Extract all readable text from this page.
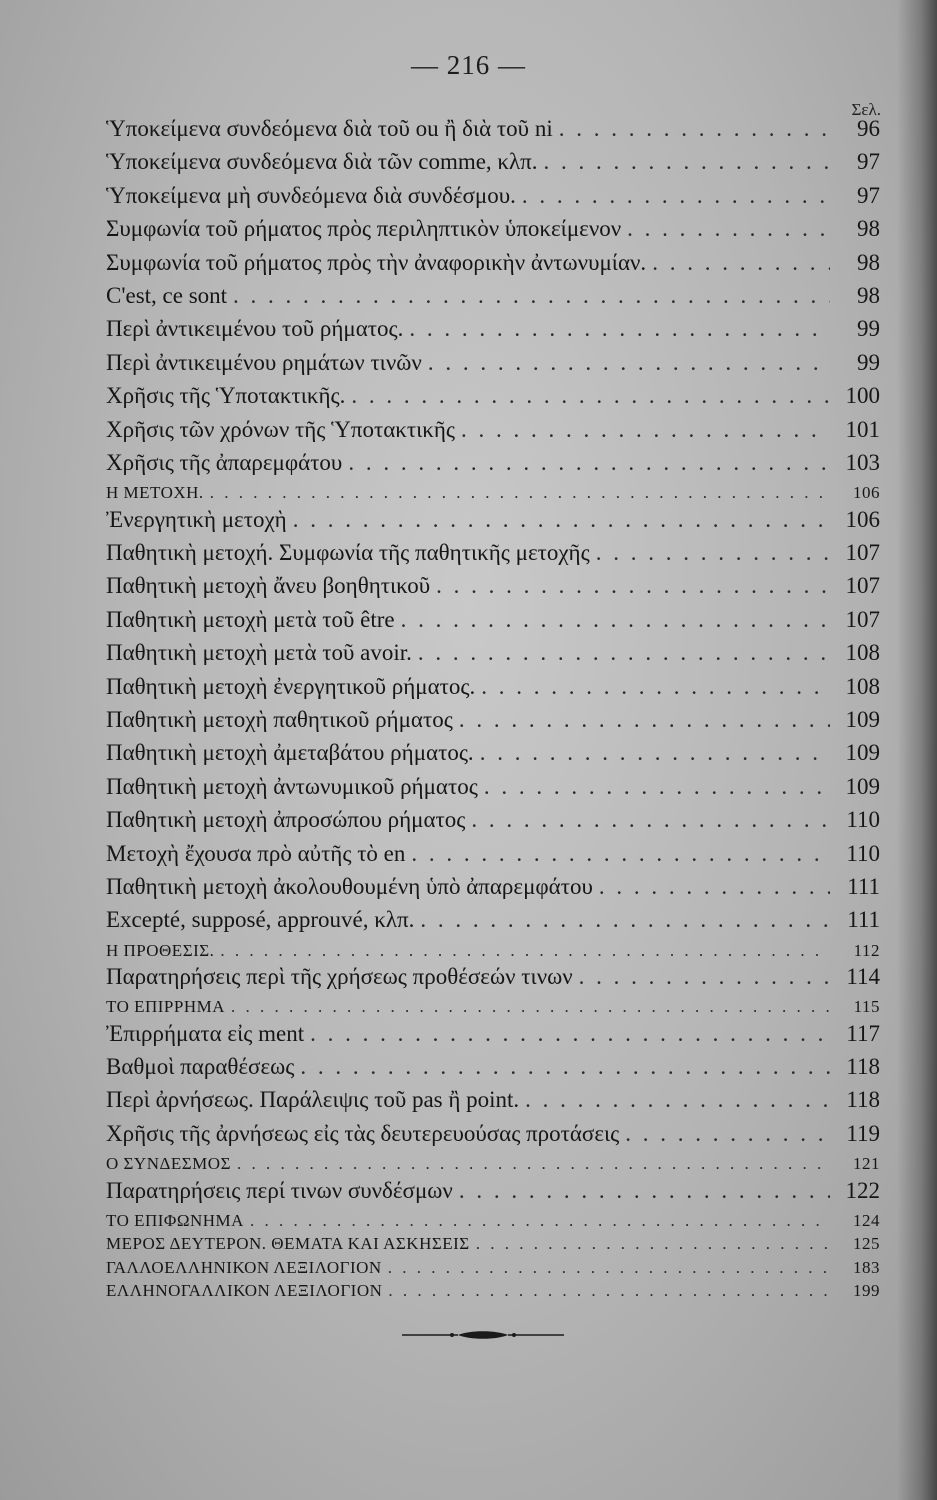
— 216 —
Σελ.
Ὑποκείμενα συνδεόμενα διὰ τοῦ ou ἢ διὰ τοῦ ni . . .	96
Ὑποκείμενα συνδεόμενα διὰ τῶν comme, κλπ. . . .	97
Ὑποκείμενα μὴ συνδεόμενα διὰ συνδέσμου. . . .	97
Συμφωνία τοῦ ρήματος πρὸς περιληπτικὸν ὑποκείμενον . . .	98
Συμφωνία τοῦ ρήματος πρὸς τὴν ἀναφορικὴν ἀντωνυμίαν. . . .	98
C'est, ce sont . . .	98
Περὶ ἀντικειμένου τοῦ ρήματος. . . .	99
Περὶ ἀντικειμένου ρημάτων τινῶν . . .	99
Χρῆσις τῆς Ὑποτακτικῆς. . . .	100
Χρῆσις τῶν χρόνων τῆς Ὑποτακτικῆς . . .	101
Χρῆσις τῆς ἀπαρεμφάτου . . .	103
Η ΜΕΤΟΧΗ. . . .	106
Ἐνεργητικὴ μετοχὴ . . .	106
Παθητικὴ μετοχή. Συμφωνία τῆς παθητικῆς μετοχῆς . . .	107
Παθητικὴ μετοχὴ ἄνευ βοηθητικοῦ . . .	107
Παθητικὴ μετοχὴ μετὰ τοῦ être . . .	107
Παθητικὴ μετοχὴ μετὰ τοῦ avoir. . . .	108
Παθητικὴ μετοχὴ ἐνεργητικοῦ ρήματος. . . .	108
Παθητικὴ μετοχὴ παθητικοῦ ρήματος . . .	109
Παθητικὴ μετοχὴ ἀμεταβάτου ρήματος. . . .	109
Παθητικὴ μετοχὴ ἀντωνυμικοῦ ρήματος . . .	109
Παθητικὴ μετοχὴ ἀπροσώπου ρήματος . . .	110
Μετοχὴ ἔχουσα πρὸ αὐτῆς τὸ en . . .	110
Παθητικὴ μετοχὴ ἀκολουθουμένη ὑπὸ ἀπαρεμφάτου . . .	111
Excepté, supposé, approuvé, κλπ. . . .	111
Η ΠΡΟΘΕΣΙΣ. . . .	112
Παρατηρήσεις περὶ τῆς χρήσεως προθέσεών τινων . . .	114
ΤΟ ΕΠΙΡΡΗΜΑ . . .	115
Ἐπιρρήματα εἰς ment . . .	117
Βαθμοὶ παραθέσεως . . .	118
Περὶ ἀρνήσεως. Παράλειψις τοῦ pas ἢ point. . . .	118
Χρῆσις τῆς ἀρνήσεως εἰς τὰς δευτερευούσας προτάσεις . . .	119
Ο ΣΥΝΔΕΣΜΟΣ . . .	121
Παρατηρήσεις περί τινων συνδέσμων . . .	122
ΤΟ ΕΠΙΦΩΝΗΜΑ . . .	124
ΜΕΡΟΣ ΔΕΥΤΕΡΟΝ. ΘΕΜΑΤΑ ΚΑΙ ΑΣΚΗΣΕΙΣ . . .	125
ΓΑΛΛΟΕΛΛΗΝΙΚΟΝ ΛΕΞΙΛΟΓΙΟΝ . . .	183
ΕΛΛΗΝΟΓΑΛΛΙΚΟΝ ΛΕΞΙΛΟΓΙΟΝ . . .	199
